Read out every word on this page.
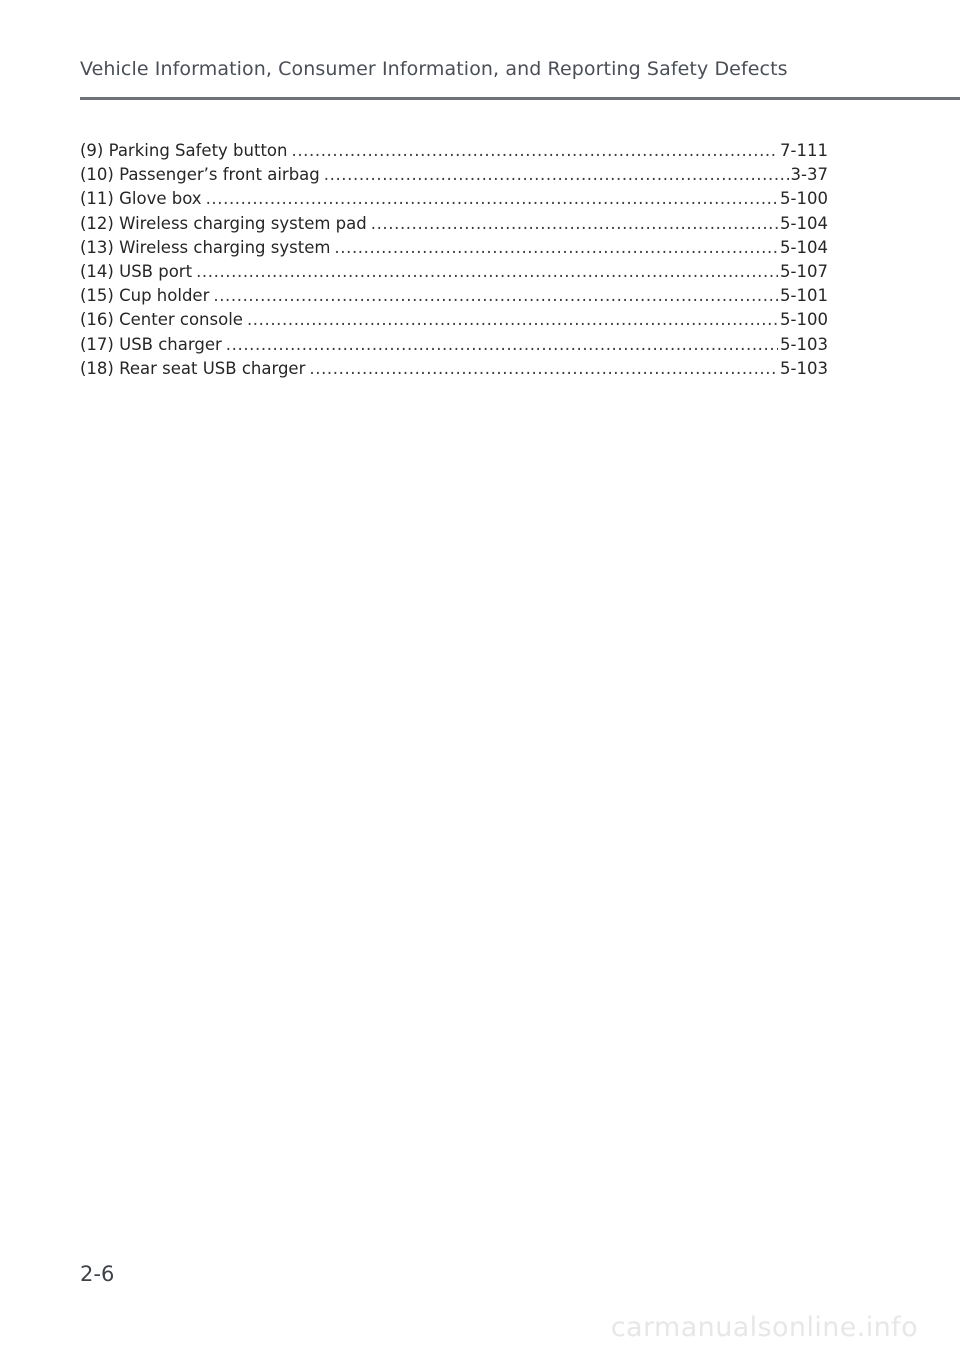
Vehicle Information, Consumer Information, and Reporting Safety Defects
(9) Parking Safety button .....	7-111
(10) Passenger’s front airbag .....	3-37
(11) Glove box .....	5-100
(12) Wireless charging system pad .....	5-104
(13) Wireless charging system .....	5-104
(14) USB port .....	5-107
(15) Cup holder .....	5-101
(16) Center console .....	5-100
(17) USB charger .....	5-103
(18) Rear seat USB charger .....	5-103
2-6
carmanualsonline.info
